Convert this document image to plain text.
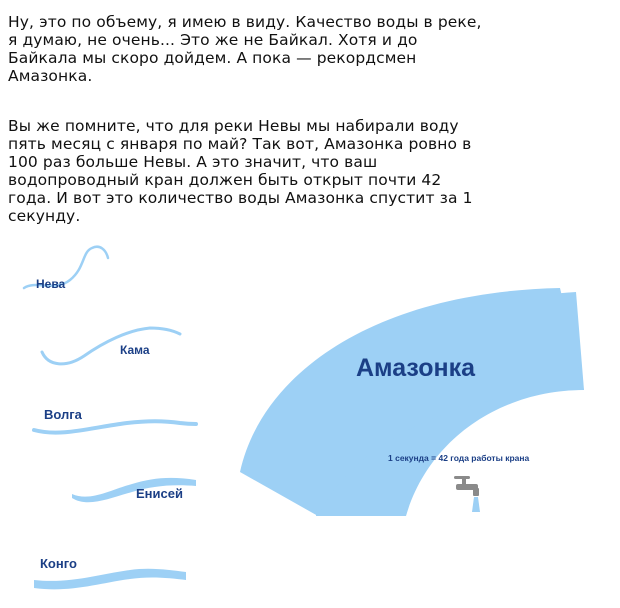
Ну, это по объему, я имею в виду. Качество воды в реке,
я думаю, не очень... Это же не Байкал. Хотя и до
Байкала мы скоро дойдем. А пока — рекордсмен
Амазонка.
Вы же помните, что для реки Невы мы набирали воду
пять месяц с января по май? Так вот, Амазонка ровно в
100 раз больше Невы. А это значит, что ваш
водопроводный кран должен быть открыт почти 42
года. И вот это количество воды Амазонка спустит за 1
секунду.
Нева
Кама
Волга
Енисей
Конго
Амазонка
1 секунда = 42 года работы крана
